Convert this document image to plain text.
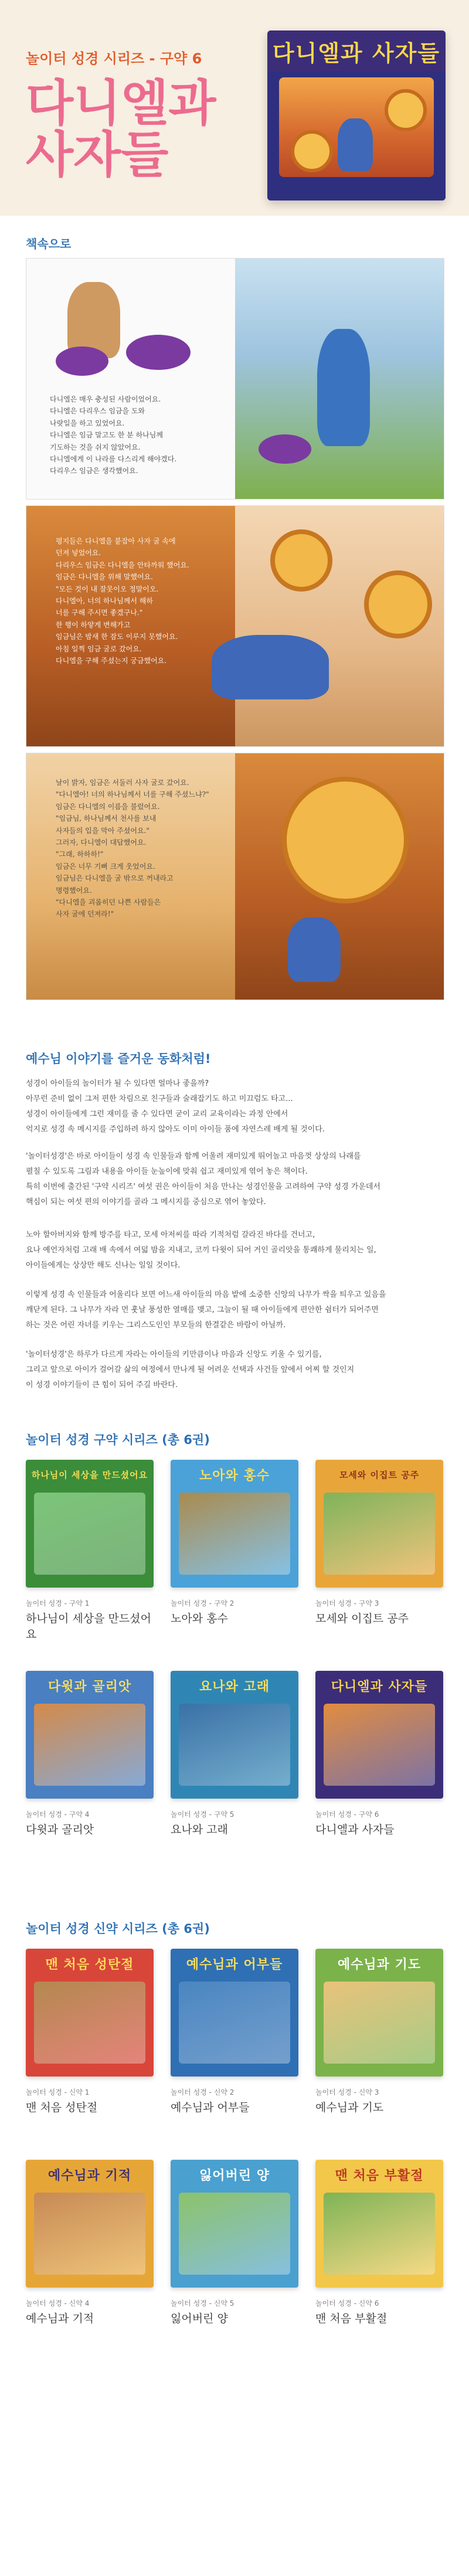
놀이터 성경 시리즈 - 구약 6
다니엘과
사자들
다니엘과 사자들
책속으로
다니엘은 매우 충성된 사람이었어요.
다니엘은 다리우스 임금을 도와
나랏일을 하고 있었어요.
다니엘은 임금 말고도 한 분 하나님께
기도하는 것을 쉬지 않았어요.
다니엘에게 이 나라를 다스리게 해야겠다.
다리우스 임금은 생각했어요.
평지들은 다니엘을 붙잡아 사자 굴 속에
던져 넣었어요.
다리우스 임금은 다니엘을 안타까워 했어요.
임금은 다니엘을 위해 말했어요.
"모든 것이 내 잘못이오 정말이오.
다니엘아, 너의 하나님께서 해하
너를 구해 주시면 좋겠구나."
한 행이 하얗게 변해가고
임금님은 밤새 한 잠도 이루지 못했어요.
아침 일찍 임금 굴로 갔어요.
다니엘을 구해 주셨는지 궁금했어요.
날이 밝자, 임금은 서둘러 사자 굴로 갔어요.
"다니엘아! 너의 하나님께서 너를 구해 주셨느냐?"
임금은 다니엘의 이름을 불렀어요.
"임금님, 하나님께서 천사를 보내
사자들의 입을 막아 주셨어요."
그러자, 다니엘이 대답했어요.
"그래, 하하하!"
임금은 너무 기뻐 크게 웃었어요.
임금님은 다니엘을 굴 밖으로 꺼내라고
명령했어요.
"다니엘을 괴롭히던 나쁜 사람들은
사자 굴에 던져라!"
예수님 이야기를 즐거운 동화처럼!
성경이 아이들의 놀이터가 될 수 있다면 얼마나 좋을까?
아무런 준비 없이 그저 편한 차림으로 친구들과 술래잡기도 하고 미끄럼도 타고...
성경이 아이들에게 그런 재미를 줄 수 있다면 굳이 교리 교육이라는 과정 안에서
억지로 성경 속 메시지를 주입하려 하지 않아도 이미 아이들 품에 자연스레 배게 될 것이다.
'놀이터성경'은 바로 아이들이 성경 속 인물들과 함께 어울려 재미있게 뛰어놀고 마음껏 상상의 나래를
펼칠 수 있도록 그림과 내용을 아이들 눈높이에 맞춰 쉽고 재미있게 엮어 놓은 책이다.
특히 이번에 출간된 '구약 시리즈' 여섯 권은 아이들이 처음 만나는 성경인물을 고려하여 구약 성경 가운데서
핵심이 되는 여섯 편의 이야기를 골라 그 메시지를 중심으로 엮어 놓았다.
노아 할아버지와 함께 방주를 타고, 모세 아저씨를 따라 기적처럼 갈라진 바다를 건너고,
요나 예언자처럼 고래 배 속에서 여덟 밤을 지내고, 코끼 다윗이 되어 거인 골리앗을 통쾌하게 물리치는 일,
아이들에게는 상상만 해도 신나는 일일 것이다.
이렇게 성경 속 인물들과 어울리다 보면 어느새 아이들의 마음 밭에 소중한 신앙의 나무가 싹을 틔우고 있음을
깨닫게 된다. 그 나무가 자라 먼 훗날 풍성한 열매를 맺고, 그늘이 될 때 아이들에게 편안한 쉼터가 되어주면
하는 것은 어린 자녀를 키우는 그리스도인인 부모들의 한결같은 바람이 아닐까.
'놀이터성경'은 하루가 다르게 자라는 아이들의 키만큼이나 마음과 신앙도 키울 수 있기를,
그리고 앞으로 아이가 걸어갈 삶의 여정에서 만나게 될 어려운 선택과 사건들 앞에서 어찌 할 것인지
이 성경 이야기들이 큰 힘이 되어 주길 바란다.
놀이터 성경 구약 시리즈 (총 6권)
하나님이 세상을 만드셨어요
놀이터 성경 - 구약 1
하나님이 세상을 만드셨어요
노아와 홍수
놀이터 성경 - 구약 2
노아와 홍수
모세와 이집트 공주
놀이터 성경 - 구약 3
모세와 이집트 공주
다윗과 골리앗
놀이터 성경 - 구약 4
다윗과 골리앗
요나와 고래
놀이터 성경 - 구약 5
요나와 고래
다니엘과 사자들
놀이터 성경 - 구약 6
다니엘과 사자들
놀이터 성경 신약 시리즈 (총 6권)
맨 처음 성탄절
놀이터 성경 - 신약 1
맨 처음 성탄절
예수님과 어부들
놀이터 성경 - 신약 2
예수님과 어부들
예수님과 기도
놀이터 성경 - 신약 3
예수님과 기도
예수님과 기적
놀이터 성경 - 신약 4
예수님과 기적
잃어버린 양
놀이터 성경 - 신약 5
잃어버린 양
맨 처음 부활절
놀이터 성경 - 신약 6
맨 처음 부활절
